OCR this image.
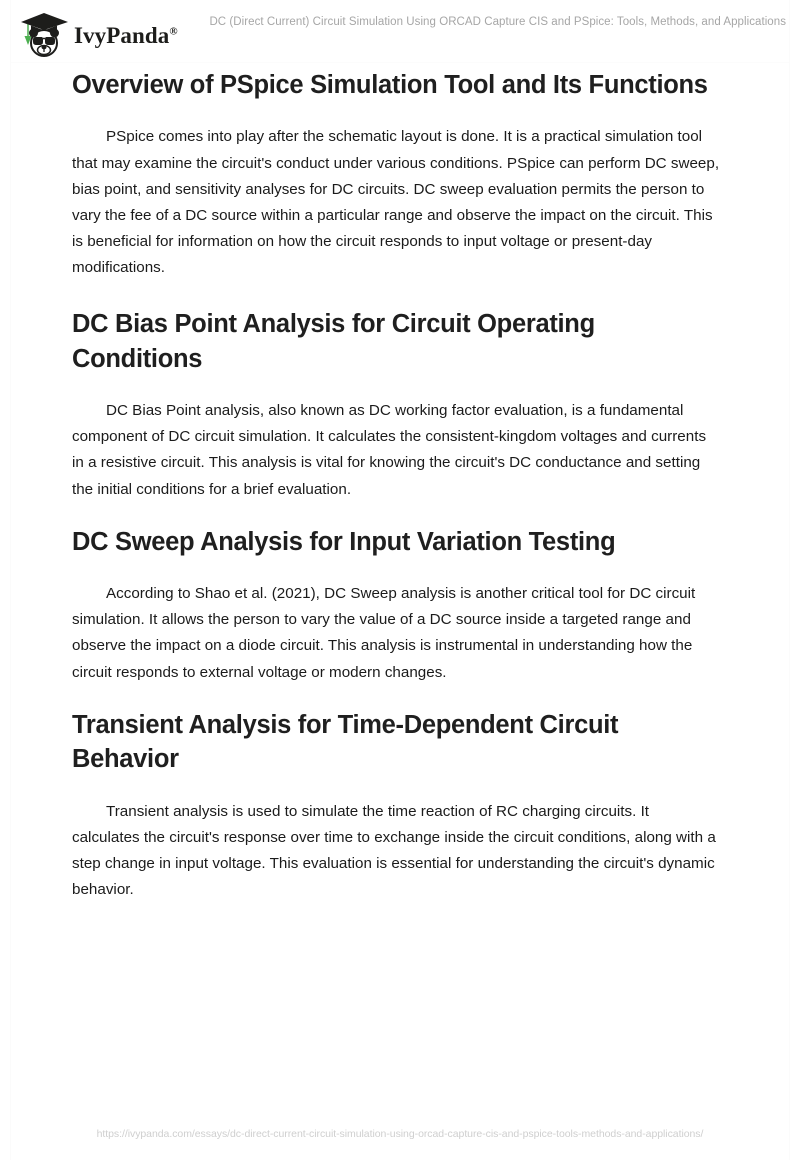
IvyPanda®
DC (Direct Current) Circuit Simulation Using ORCAD Capture CIS and PSpice: Tools, Methods, and Applications
Overview of PSpice Simulation Tool and Its Functions

PSpice comes into play after the schematic layout is done. It is a practical simulation tool that may examine the circuit's conduct under various conditions. PSpice can perform DC sweep, bias point, and sensitivity analyses for DC circuits. DC sweep evaluation permits the person to vary the fee of a DC source within a particular range and observe the impact on the circuit. This is beneficial for information on how the circuit responds to input voltage or present-day modifications.

DC Bias Point Analysis for Circuit Operating Conditions

DC Bias Point analysis, also known as DC working factor evaluation, is a fundamental component of DC circuit simulation. It calculates the consistent-kingdom voltages and currents in a resistive circuit. This analysis is vital for knowing the circuit's DC conductance and setting the initial conditions for a brief evaluation.

DC Sweep Analysis for Input Variation Testing

According to Shao et al. (2021), DC Sweep analysis is another critical tool for DC circuit simulation. It allows the person to vary the value of a DC source inside a targeted range and observe the impact on a diode circuit. This analysis is instrumental in understanding how the circuit responds to external voltage or modern changes.

Transient Analysis for Time-Dependent Circuit Behavior

Transient analysis is used to simulate the time reaction of RC charging circuits. It calculates the circuit's response over time to exchange inside the circuit conditions, along with a step change in input voltage. This evaluation is essential for understanding the circuit's dynamic behavior.

https://ivypanda.com/essays/dc-direct-current-circuit-simulation-using-orcad-capture-cis-and-pspice-tools-methods-and-applications/
